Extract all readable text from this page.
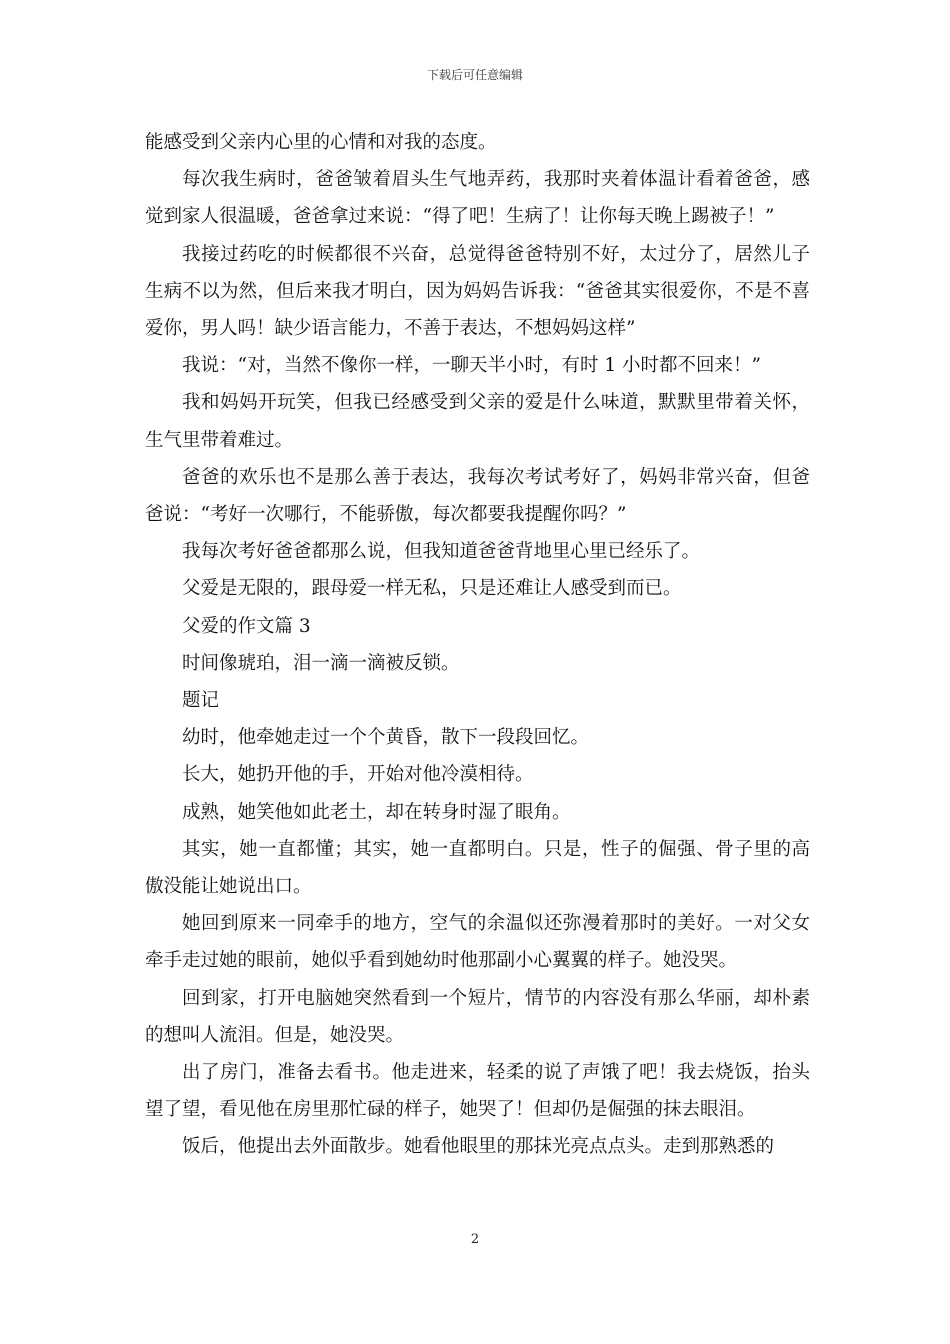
下载后可任意编辑

能感受到父亲内心里的心情和对我的态度。

每次我生病时，爸爸皱着眉头生气地弄药，我那时夹着体温计看着爸爸，感觉到家人很温暖，爸爸拿过来说：“得了吧！生病了！让你每天晚上踢被子！”

我接过药吃的时候都很不兴奋，总觉得爸爸特别不好，太过分了，居然儿子生病不以为然，但后来我才明白，因为妈妈告诉我：“爸爸其实很爱你，不是不喜爱你，男人吗！缺少语言能力，不善于表达，不想妈妈这样”

我说：“对，当然不像你一样，一聊天半小时，有时 1 小时都不回来！”

我和妈妈开玩笑，但我已经感受到父亲的爱是什么味道，默默里带着关怀，生气里带着难过。

爸爸的欢乐也不是那么善于表达，我每次考试考好了，妈妈非常兴奋，但爸爸说：“考好一次哪行，不能骄傲，每次都要我提醒你吗？”

我每次考好爸爸都那么说，但我知道爸爸背地里心里已经乐了。

父爱是无限的，跟母爱一样无私，只是还难让人感受到而已。

父爱的作文篇 3

时间像琥珀，泪一滴一滴被反锁。

题记

幼时，他牵她走过一个个黄昏，散下一段段回忆。

长大，她扔开他的手，开始对他冷漠相待。

成熟，她笑他如此老土，却在转身时湿了眼角。

其实，她一直都懂；其实，她一直都明白。只是，性子的倔强、骨子里的高傲没能让她说出口。

她回到原来一同牵手的地方，空气的余温似还弥漫着那时的美好。一对父女牵手走过她的眼前，她似乎看到她幼时他那副小心翼翼的样子。她没哭。

回到家，打开电脑她突然看到一个短片，情节的内容没有那么华丽，却朴素的想叫人流泪。但是，她没哭。

出了房门，准备去看书。他走进来，轻柔的说了声饿了吧！我去烧饭，抬头望了望，看见他在房里那忙碌的样子，她哭了！但却仍是倔强的抹去眼泪。

饭后，他提出去外面散步。她看他眼里的那抹光亮点点头。走到那熟悉的

2
